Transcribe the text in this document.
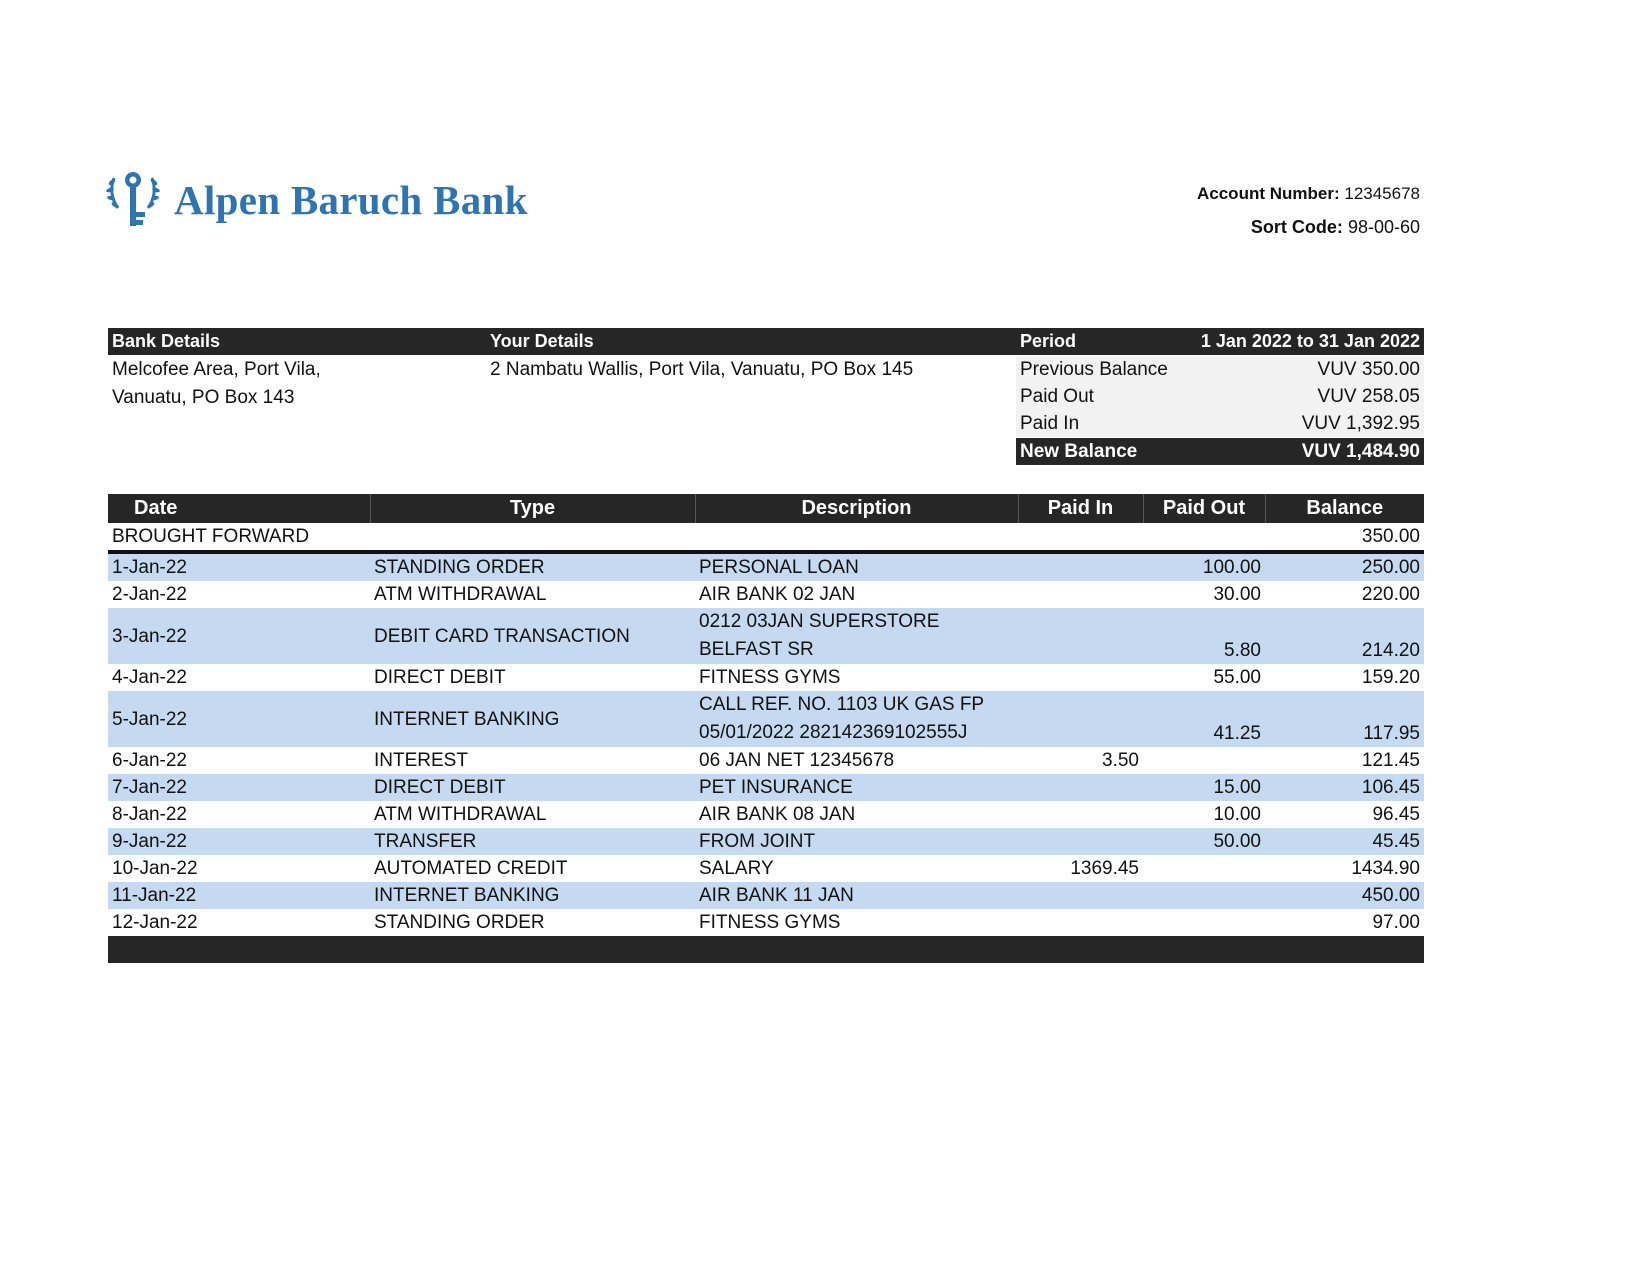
Alpen Baruch Bank	Account Number: 12345678
Sort Code: 98-00-60
Bank Details	Your Details	Period	1 Jan 2022 to 31 Jan 2022
Melcofee Area, Port Vila,
Vanuatu, PO Box 143
2 Nambatu Wallis, Port Vila, Vanuatu, PO Box 145	Previous Balance	VUV 350.00
Paid Out	VUV 258.05
Paid In	VUV 1,392.95
New Balance	VUV 1,484.90
Date	Type	Description	Paid In	Paid Out	Balance
BROUGHT FORWARD					350.00
1-Jan-22	STANDING ORDER	PERSONAL LOAN		100.00	250.00
2-Jan-22	ATM WITHDRAWAL	AIR BANK 02 JAN		30.00	220.00
3-Jan-22	DEBIT CARD TRANSACTION	0212 03JAN SUPERSTORE BELFAST SR		5.80	214.20
4-Jan-22	DIRECT DEBIT	FITNESS GYMS		55.00	159.20
5-Jan-22	INTERNET BANKING	CALL REF. NO. 1103 UK GAS FP 05/01/2022 282142369102555J		41.25	117.95
6-Jan-22	INTEREST	06 JAN NET 12345678	3.50		121.45
7-Jan-22	DIRECT DEBIT	PET INSURANCE		15.00	106.45
8-Jan-22	ATM WITHDRAWAL	AIR BANK 08 JAN		10.00	96.45
9-Jan-22	TRANSFER	FROM JOINT		50.00	45.45
10-Jan-22	AUTOMATED CREDIT	SALARY	1369.45		1434.90
11-Jan-22	INTERNET BANKING	AIR BANK 11 JAN			450.00
12-Jan-22	STANDING ORDER	FITNESS GYMS			97.00
